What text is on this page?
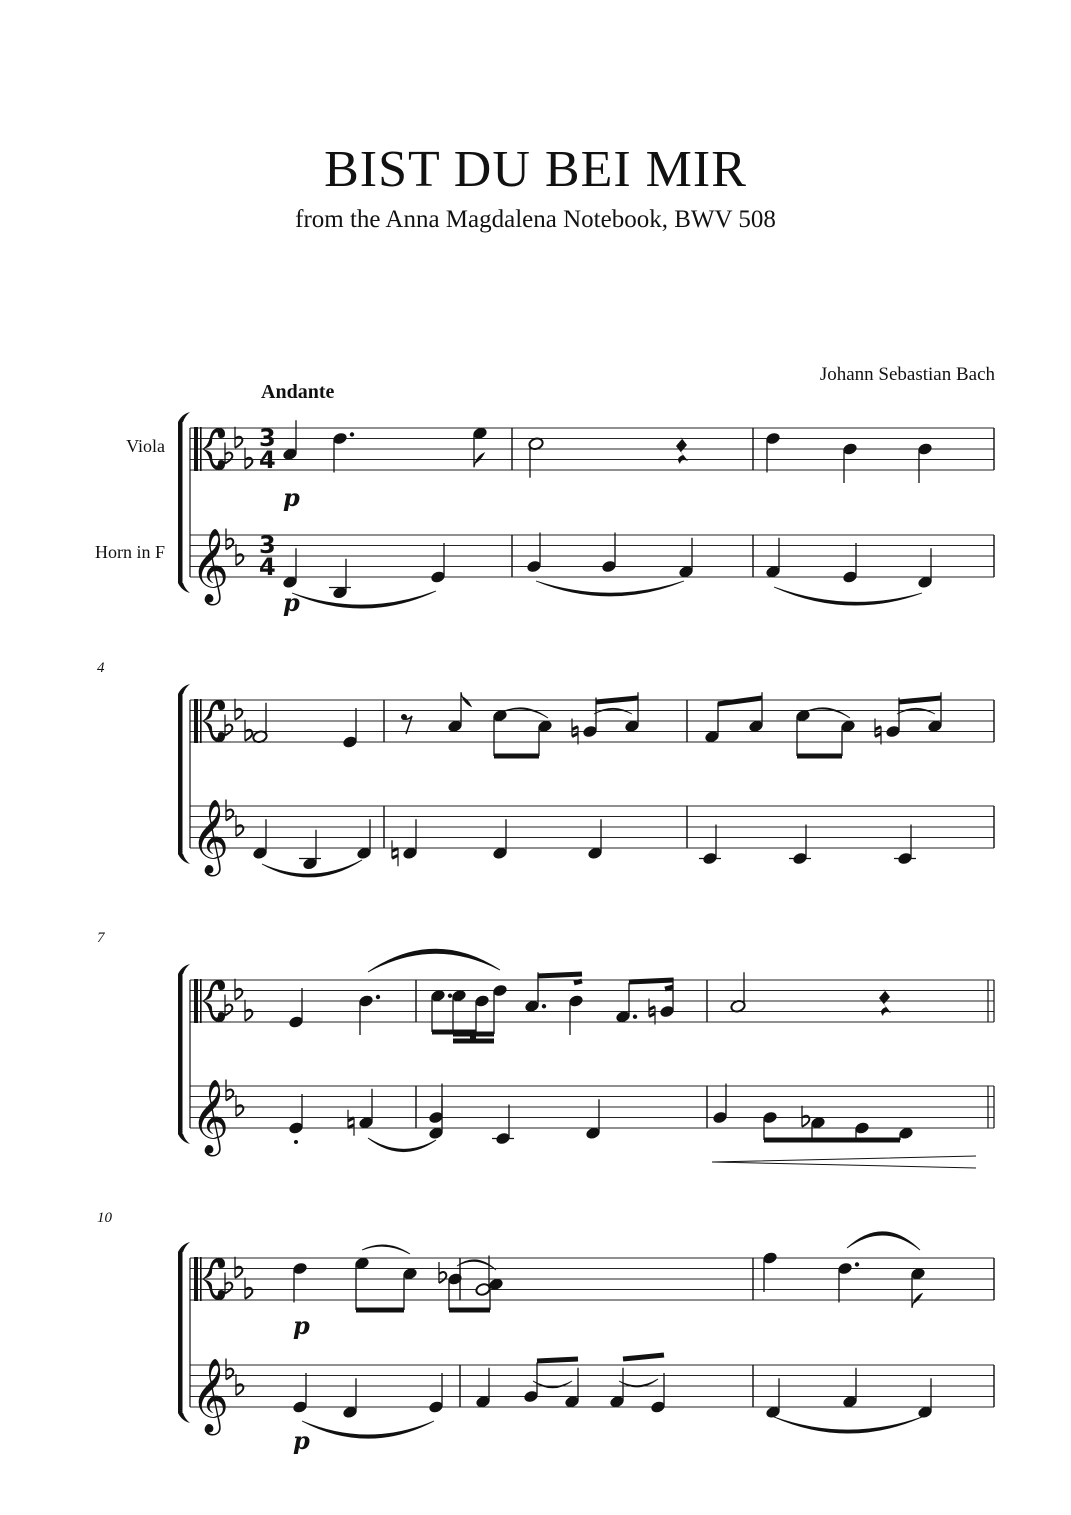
BIST DU BEI MIR
from the Anna Magdalena Notebook, BWV 508
Johann Sebastian Bach
Andante
Viola
Horn in F
4
7
10
𝄞
3
4
3
4
𝄞
𝄞
𝄞
p
p
p
p
